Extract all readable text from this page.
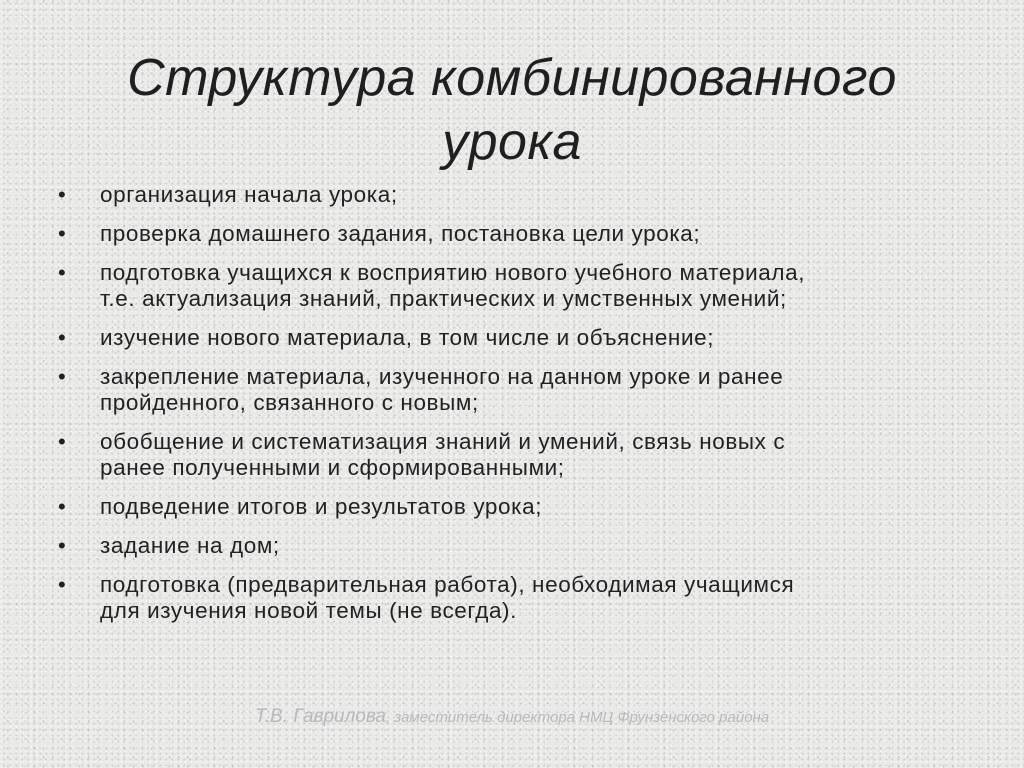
Структура комбинированного
урока
• организация начала урока;
• проверка домашнего задания, постановка цели урока;
• подготовка учащихся к восприятию нового учебного материала,
т.е. актуализация знаний, практических и умственных умений;
• изучение нового материала, в том числе и объяснение;
• закрепление материала, изученного на данном уроке и ранее
пройденного, связанного с новым;
• обобщение и систематизация знаний и умений, связь новых с
ранее полученными и сформированными;
• подведение итогов и результатов урока;
• задание на дом;
• подготовка (предварительная работа), необходимая учащимся
для изучения новой темы (не всегда).
Т.В. Гаврилова, заместитель директора НМЦ Фрунзенского района
